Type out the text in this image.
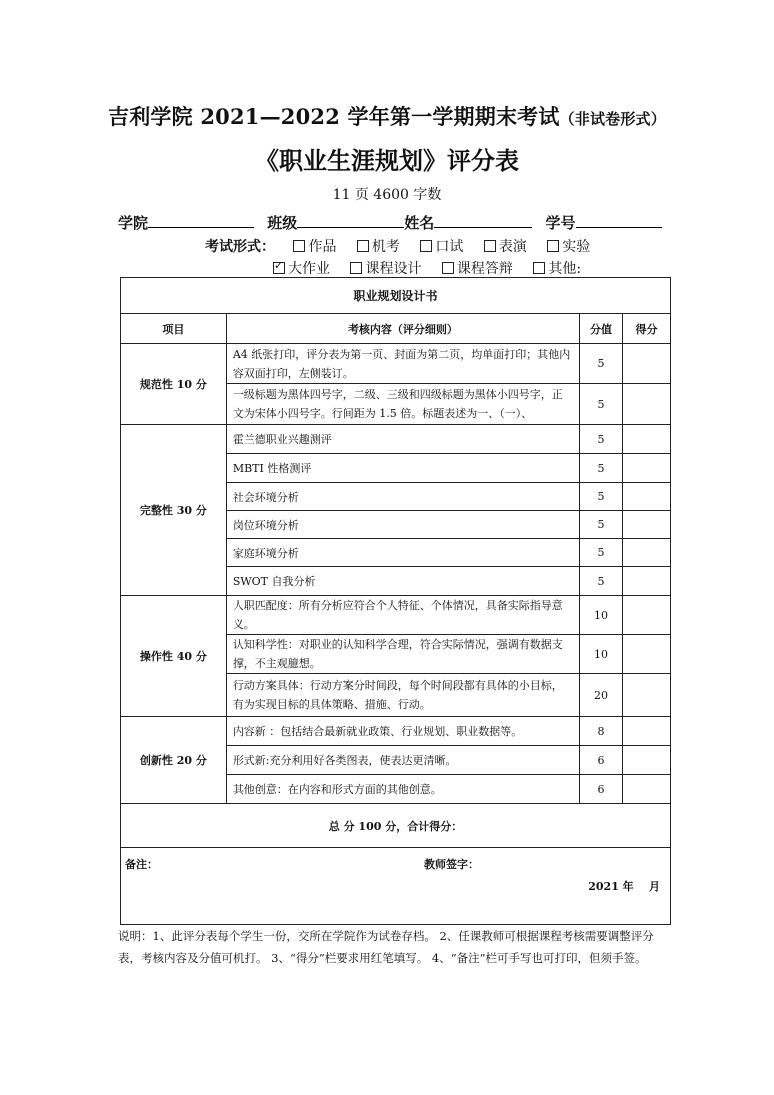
吉利学院 2021—2022 学年第一学期期末考试（非试卷形式）
《职业生涯规划》评分表
11 页 4600 字数
学院	班级	姓名	学号
考试形式： 作品	机考	口试	表演	实验
✓大作业	课程设计	课程答辩	其他:
职业规划设计书			
项目	考核内容（评分细则）	分值	得分
规范性 10 分	A4 纸张打印，评分表为第一页、封面为第二页，均单面打印；其他内容双面打印，左侧装订。	5	
	一级标题为黑体四号字，二级、三级和四级标题为黑体小四号字，正文为宋体小四号字。行间距为 1.5 倍。标题表述为一、（一）、	5	
完整性 30 分	霍兰德职业兴趣测评	5	
	MBTI 性格测评	5	
	社会环境分析	5	
	岗位环境分析	5	
	家庭环境分析	5	
	SWOT 自我分析	5	
操作性 40 分	人职匹配度：所有分析应符合个人特征、个体情况，具备实际指导意义。	10	
	认知科学性：对职业的认知科学合理，符合实际情况，强调有数据支撑，不主观臆想。	10	
	行动方案具体：行动方案分时间段，每个时间段都有具体的小目标，有为实现目标的具体策略、措施、行动。	20	
创新性 20 分	内容新 ：包括结合最新就业政策、行业规划、职业数据等。	8	
	形式新:充分利用好各类图表，使表达更清晰。	6	
	其他创意：在内容和形式方面的其他创意。	6	
总 分 100 分，合计得分：			

备注： 教师签字：
2021 年    月			
说明：1、此评分表每个学生一份，交所在学院作为试卷存档。 2、任课教师可根据课程考核需要调整评分表，考核内容及分值可机打。 3、“得分”栏要求用红笔填写。 4、“备注”栏可手写也可打印，但须手签。
